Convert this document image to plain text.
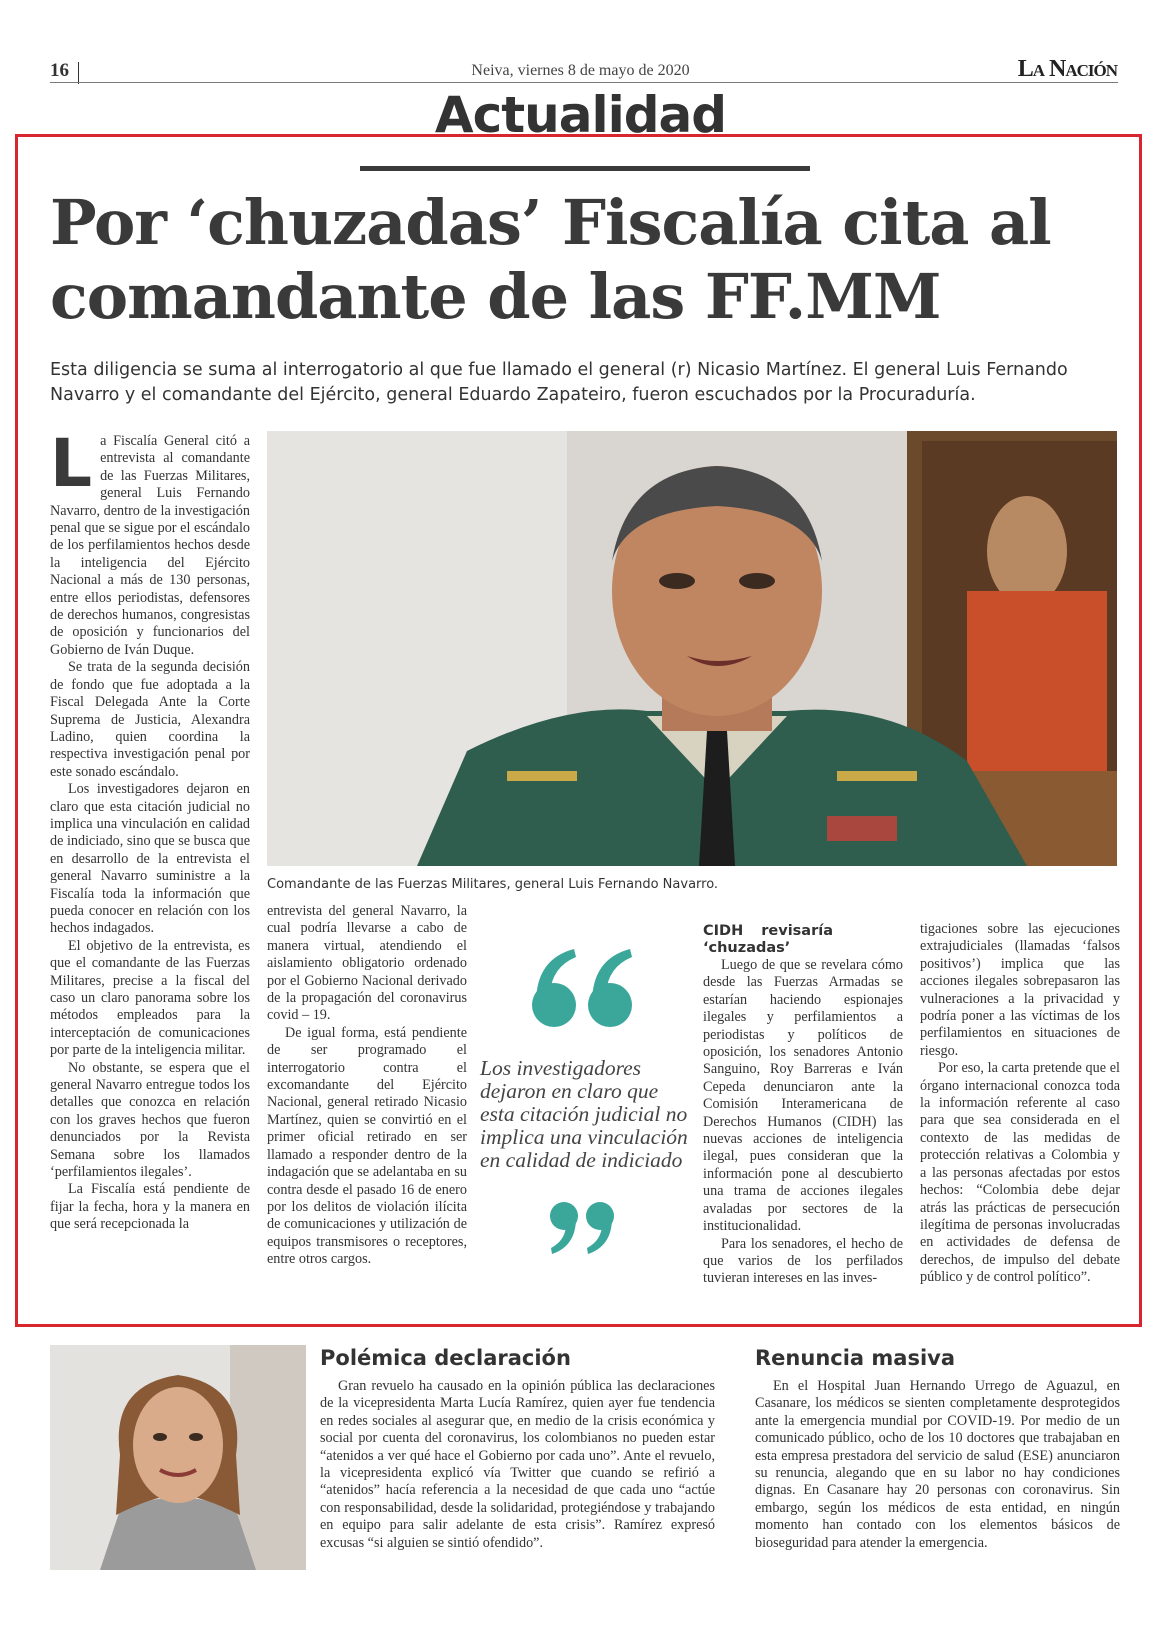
16	Neiva, viernes 8 de mayo de 2020	La Nación
Actualidad
Por ‘chuzadas’ Fiscalía cita al
comandante de las FF.MM
Esta diligencia se suma al interrogatorio al que fue llamado el general (r) Nicasio Martínez. El general Luis Fernando Navarro y el comandante del Ejército, general Eduardo Zapateiro, fueron escuchados por la Procuraduría.

La Fiscalía General citó a entrevista al comandante de las Fuerzas Militares, general Luis Fernando Navarro, dentro de la investigación penal que se sigue por el escándalo de los perfilamientos hechos desde la inteligencia del Ejército Nacional a más de 130 personas, entre ellos periodistas, defensores de derechos humanos, congresistas de oposición y funcionarios del Gobierno de Iván Duque.

Se trata de la segunda decisión de fondo que fue adoptada a la Fiscal Delegada Ante la Corte Suprema de Justicia, Alexandra Ladino, quien coordina la respectiva investigación penal por este sonado escándalo.

Los investigadores dejaron en claro que esta citación judicial no implica una vinculación en calidad de indiciado, sino que se busca que en desarrollo de la entrevista el general Navarro suministre a la Fiscalía toda la información que pueda conocer en relación con los hechos indagados.

El objetivo de la entrevista, es que el comandante de las Fuerzas Militares, precise a la fiscal del caso un claro panorama sobre los métodos empleados para la interceptación de comunicaciones por parte de la inteligencia militar.

No obstante, se espera que el general Navarro entregue todos los detalles que conozca en relación con los graves hechos que fueron denunciados por la Revista Semana sobre los llamados ‘perfilamientos ilegales’.

La Fiscalía está pendiente de fijar la fecha, hora y la manera en que será recepcionada la

Comandante de las Fuerzas Militares, general Luis Fernando Navarro.

entrevista del general Navarro, la cual podría llevarse a cabo de manera virtual, atendiendo el aislamiento obligatorio ordenado por el Gobierno Nacional derivado de la propagación del coronavirus covid – 19.

De igual forma, está pendiente de ser programado el interrogatorio contra el excomandante del Ejército Nacional, general retirado Nicasio Martínez, quien se convirtió en el primer oficial retirado en ser llamado a responder dentro de la indagación que se adelantaba en su contra desde el pasado 16 de enero por los delitos de violación ilícita de comunicaciones y utilización de equipos transmisores o receptores, entre otros cargos.

Los investigadores dejaron en claro que esta citación judicial no implica una vinculación en calidad de indiciado
CIDH revisaría ‘chuzadas’

Luego de que se revelara cómo desde las Fuerzas Armadas se estarían haciendo espionajes ilegales y perfilamientos a periodistas y políticos de oposición, los senadores Antonio Sanguino, Roy Barreras e Iván Cepeda denunciaron ante la Comisión Interamericana de Derechos Humanos (CIDH) las nuevas acciones de inteligencia ilegal, pues consideran que la información pone al descubierto una trama de acciones ilegales avaladas por sectores de la institucionalidad.

Para los senadores, el hecho de que varios de los perfilados tuvieran intereses en las inves-

tigaciones sobre las ejecuciones extrajudiciales (llamadas ‘falsos positivos’) implica que las acciones ilegales sobrepasaron las vulneraciones a la privacidad y podría poner a las víctimas de los perfilamientos en situaciones de riesgo.

Por eso, la carta pretende que el órgano internacional conozca toda la información referente al caso para que sea considerada en el contexto de las medidas de protección relativas a Colombia y a las personas afectadas por estos hechos: “Colombia debe dejar atrás las prácticas de persecución ilegítima de personas involucradas en actividades de defensa de derechos, de impulso del debate público y de control político”.

Polémica declaración

Gran revuelo ha causado en la opinión pública las declaraciones de la vicepresidenta Marta Lucía Ramírez, quien ayer fue tendencia en redes sociales al asegurar que, en medio de la crisis económica y social por cuenta del coronavirus, los colombianos no pueden estar “atenidos a ver qué hace el Gobierno por cada uno”. Ante el revuelo, la vicepresidenta explicó vía Twitter que cuando se refirió a “atenidos” hacía referencia a la necesidad de que cada uno “actúe con responsabilidad, desde la solidaridad, protegiéndose y trabajando en equipo para salir adelante de esta crisis”. Ramírez expresó excusas “si alguien se sintió ofendido”.

Renuncia masiva

En el Hospital Juan Hernando Urrego de Aguazul, en Casanare, los médicos se sienten completamente desprotegidos ante la emergencia mundial por COVID-19. Por medio de un comunicado público, ocho de los 10 doctores que trabajaban en esta empresa prestadora del servicio de salud (ESE) anunciaron su renuncia, alegando que en su labor no hay condiciones dignas. En Casanare hay 20 personas con coronavirus. Sin embargo, según los médicos de esta entidad, en ningún momento han contado con los elementos básicos de bioseguridad para atender la emergencia.
